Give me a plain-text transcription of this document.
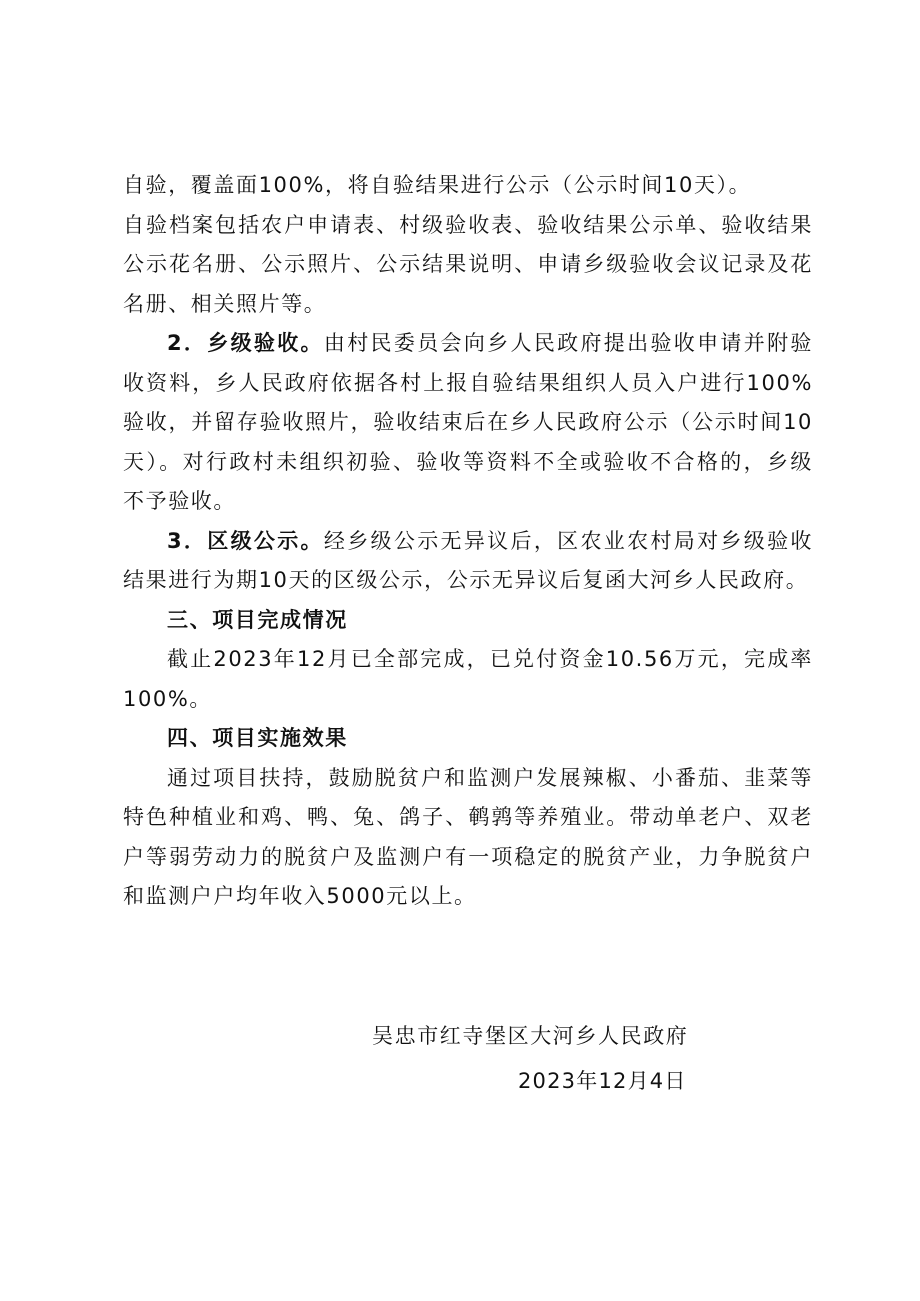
自验，覆盖面100%，将自验结果进行公示（公示时间10天）。

自验档案包括农户申请表、村级验收表、验收结果公示单、验收结果公示花名册、公示照片、公示结果说明、申请乡级验收会议记录及花名册、相关照片等。

2．乡级验收。由村民委员会向乡人民政府提出验收申请并附验收资料，乡人民政府依据各村上报自验结果组织人员入户进行100%验收，并留存验收照片，验收结束后在乡人民政府公示（公示时间10天）。对行政村未组织初验、验收等资料不全或验收不合格的，乡级不予验收。

3．区级公示。经乡级公示无异议后，区农业农村局对乡级验收结果进行为期10天的区级公示，公示无异议后复函大河乡人民政府。

三、项目完成情况

截止2023年12月已全部完成，已兑付资金10.56万元，完成率100%。

四、项目实施效果

通过项目扶持，鼓励脱贫户和监测户发展辣椒、小番茄、韭菜等特色种植业和鸡、鸭、兔、鸽子、鹌鹑等养殖业。带动单老户、双老户等弱劳动力的脱贫户及监测户有一项稳定的脱贫产业，力争脱贫户和监测户户均年收入5000元以上。

吴忠市红寺堡区大河乡人民政府
2023年12月4日
